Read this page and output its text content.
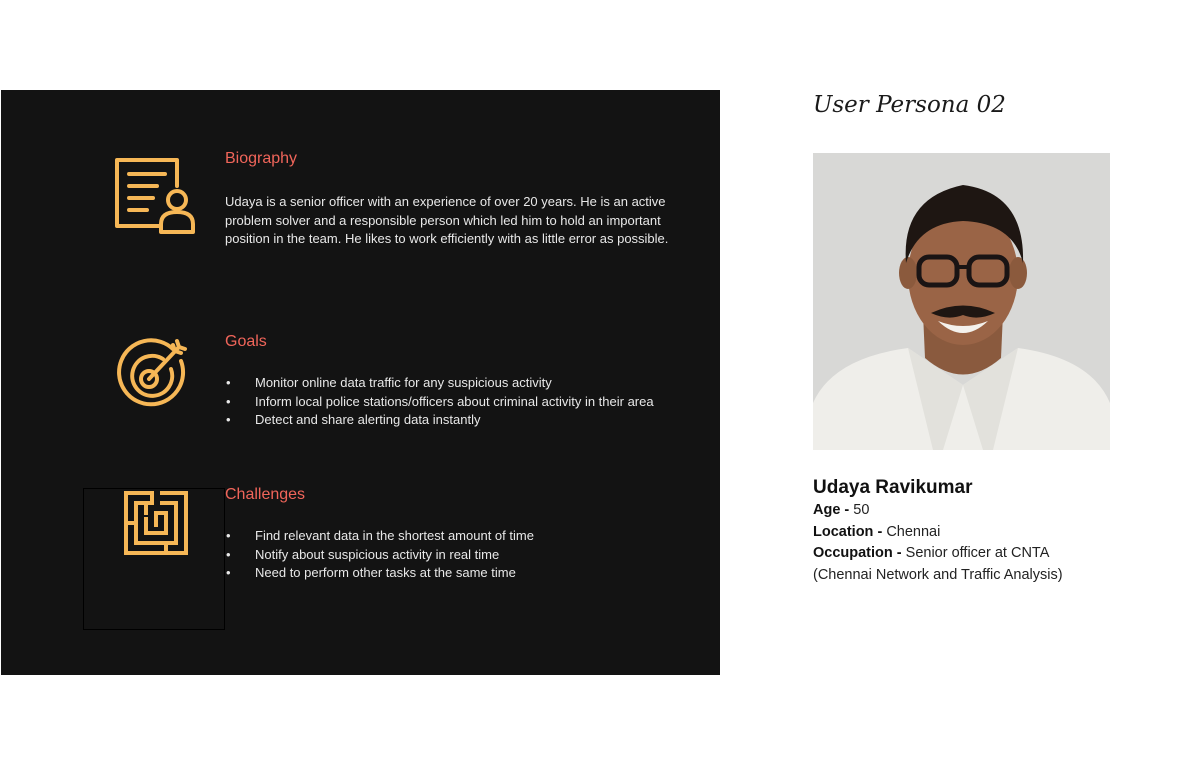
Biography

Udaya is a senior officer with an experience of over 20 years. He is an active problem solver and a responsible person which led him to hold an important position in the team. He likes to work efficiently with as little error as possible.

Goals
• Monitor online data traffic for any suspicious activity
• Inform local police stations/officers about criminal activity in their area
• Detect and share alerting data instantly
Challenges
• Find relevant data in the shortest amount of time
• Notify about suspicious activity in real time
• Need to perform other tasks at the same time
User Persona 02
Udaya Ravikumar

Age - 50

Location - Chennai

Occupation - Senior officer at CNTA

(Chennai Network and Traffic Analysis)
